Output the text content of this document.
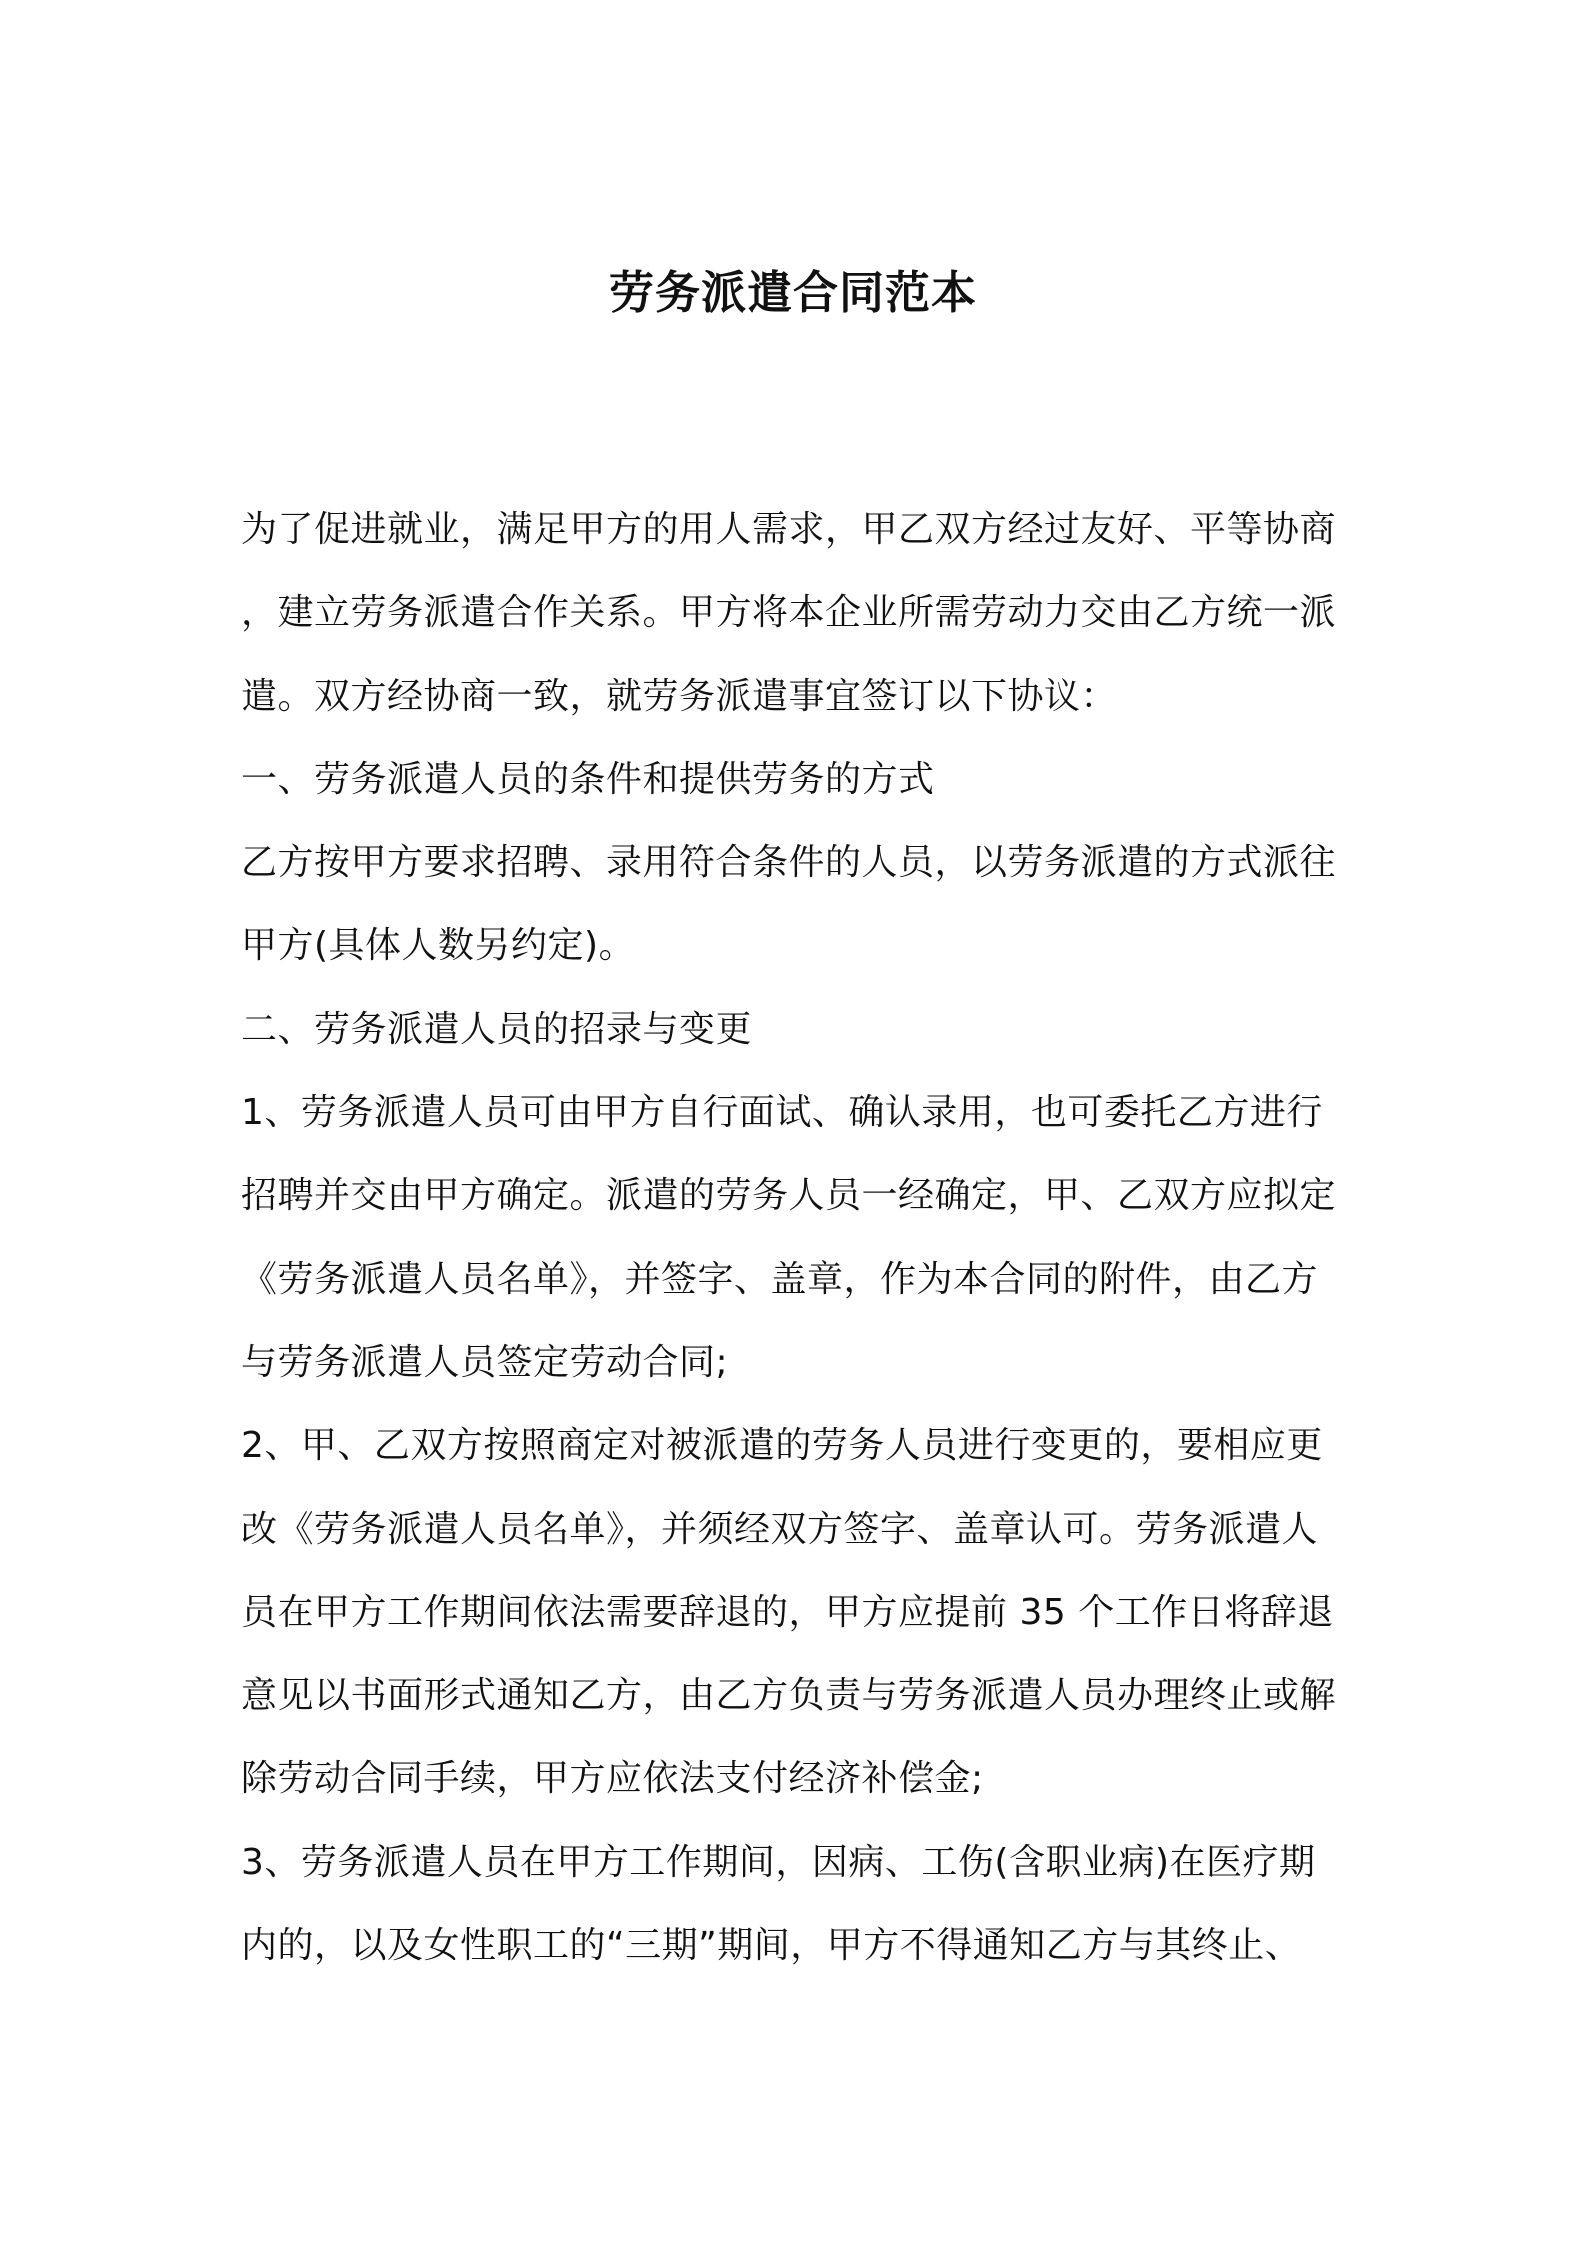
劳务派遣合同范本
为了促进就业，满足甲方的用人需求，甲乙双方经过友好、平等协商
，建立劳务派遣合作关系。甲方将本企业所需劳动力交由乙方统一派
遣。双方经协商一致，就劳务派遣事宜签订以下协议：
一、劳务派遣人员的条件和提供劳务的方式
乙方按甲方要求招聘、录用符合条件的人员，以劳务派遣的方式派往
甲方(具体人数另约定)。
二、劳务派遣人员的招录与变更
1、劳务派遣人员可由甲方自行面试、确认录用，也可委托乙方进行
招聘并交由甲方确定。派遣的劳务人员一经确定，甲、乙双方应拟定
《劳务派遣人员名单》，并签字、盖章，作为本合同的附件，由乙方
与劳务派遣人员签定劳动合同;
2、甲、乙双方按照商定对被派遣的劳务人员进行变更的，要相应更
改《劳务派遣人员名单》，并须经双方签字、盖章认可。劳务派遣人
员在甲方工作期间依法需要辞退的，甲方应提前 35 个工作日将辞退
意见以书面形式通知乙方，由乙方负责与劳务派遣人员办理终止或解
除劳动合同手续，甲方应依法支付经济补偿金;
3、劳务派遣人员在甲方工作期间，因病、工伤(含职业病)在医疗期
内的，以及女性职工的“三期”期间，甲方不得通知乙方与其终止、
